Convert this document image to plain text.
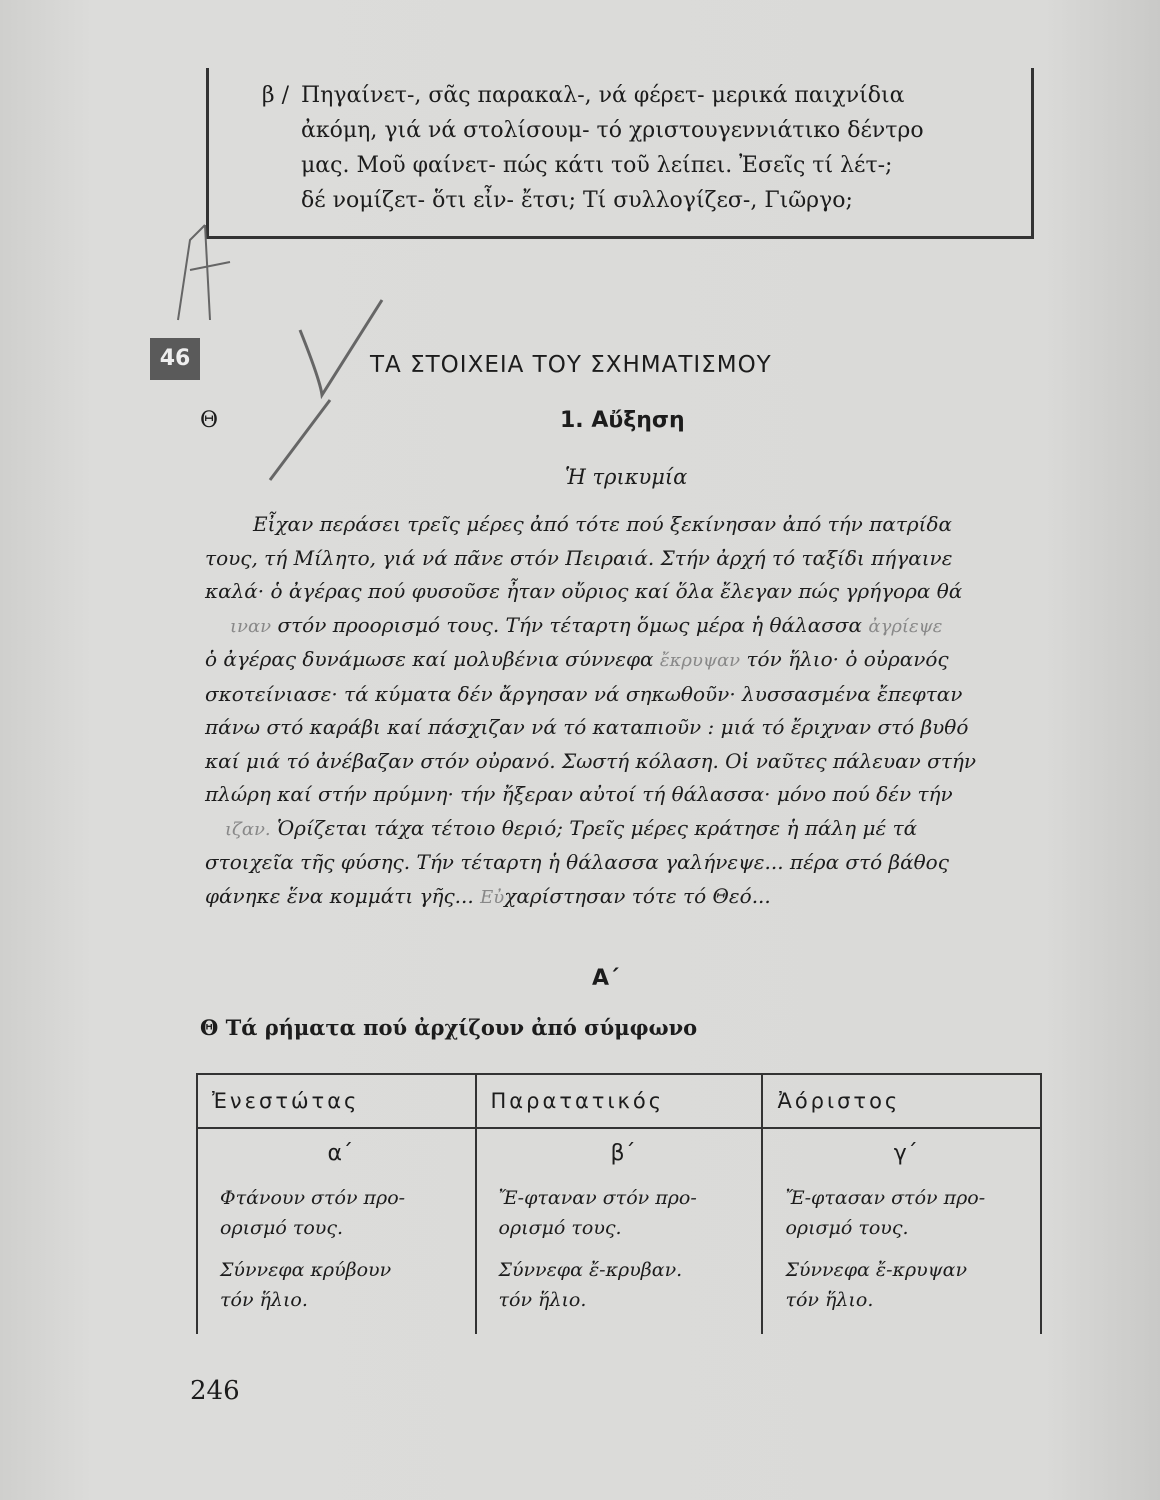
β / Πηγαίνετ-, σᾶς παρακαλ-, νά φέρετ- μερικά παιχνίδια
ἀκόμη, γιά νά στολίσουμ- τό χριστουγεννιάτικο δέντρο
μας. Μοῦ φαίνετ- πώς κάτι τοῦ λείπει. Ἐσεῖς τί λέτ-;
δέ νομίζετ- ὅτι εἶν- ἔτσι; Τί συλλογίζεσ-, Γιῶργο;
46	ΤΑ ΣΤΟΙΧΕΙΑ ΤΟΥ ΣΧΗΜΑΤΙΣΜΟΥ
Θ	1. Αὔξηση
Ἡ τρικυμία
Εἶχαν περάσει τρεῖς μέρες ἀπό τότε πού ξεκίνησαν ἀπό τήν πατρίδα
τους, τή Μίλητο, γιά νά πᾶνε στόν Πειραιά. Στήν ἀρχή τό ταξίδι πήγαινε
καλά· ὁ ἀγέρας πού φυσοῦσε ἦταν οὔριος καί ὅλα ἔλεγαν πώς γρήγορα θά
ιναν στόν προορισμό τους. Τήν τέταρτη ὅμως μέρα ἡ θάλασσα ἀγρίεψε
ὁ ἀγέρας δυνάμωσε καί μολυβένια σύννεφα ἔκρυψαν τόν ἥλιο· ὁ οὐρανός
σκοτείνιασε· τά κύματα δέν ἄργησαν νά σηκωθοῦν· λυσσασμένα ἔπεφταν
πάνω στό καράβι καί πάσχιζαν νά τό καταπιοῦν : μιά τό ἔριχναν στό βυθό
καί μιά τό ἀνέβαζαν στόν οὐρανό. Σωστή κόλαση. Οἱ ναῦτες πάλευαν στήν
πλώρη καί στήν πρύμνη· τήν ἤξεραν αὐτοί τή θάλασσα· μόνο πού δέν τήν
ιζαν. Ὁρίζεται τάχα τέτοιο θεριό; Τρεῖς μέρες κράτησε ἡ πάλη μέ τά
στοιχεῖα τῆς φύσης. Τήν τέταρτη ἡ θάλασσα γαλήνεψε... πέρα στό βάθος
φάνηκε ἕνα κομμάτι γῆς... Εὐχαρίστησαν τότε τό Θεό...
Α΄
Θ Τά ρήματα πού ἀρχίζουν ἀπό σύμφωνο
Ἐνεστώτας	Παρατατικός	Ἀόριστος

α΄
Φτάνουν στόν προ-

ορισμό τους.
Σύννεφα κρύβουν
τόν ἥλιο.	β΄
Ἔ-φταναν στόν προ-

ορισμό τους.
Σύννεφα ἔ-κρυβαν.
τόν ἥλιο.	γ΄
Ἔ-φτασαν στόν προ-

ορισμό τους.
Σύννεφα ἔ-κρυψαν
τόν ἥλιο.
246
